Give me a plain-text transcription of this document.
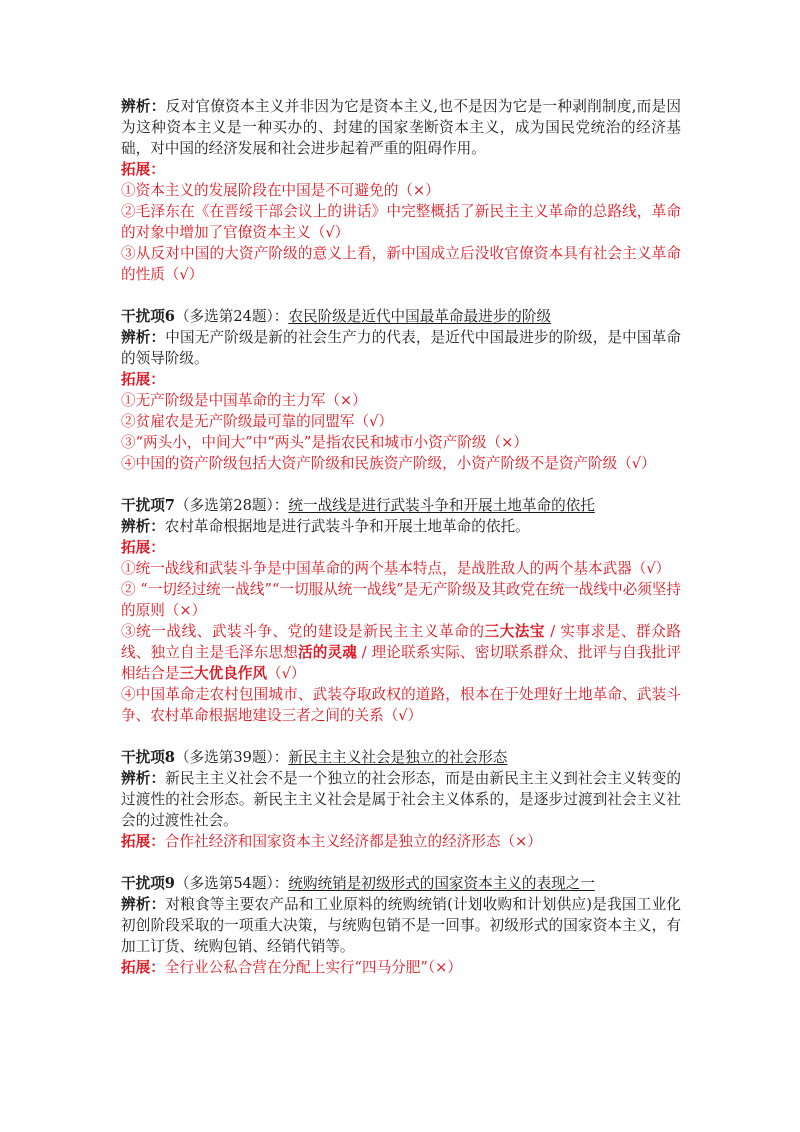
辨析：反对官僚资本主义并非因为它是资本主义,也不是因为它是一种剥削制度,而是因为这种资本主义是一种买办的、封建的国家垄断资本主义，成为国民党统治的经济基础，对中国的经济发展和社会进步起着严重的阻碍作用。

拓展：

①资本主义的发展阶段在中国是不可避免的（×）

②毛泽东在《在晋绥干部会议上的讲话》中完整概括了新民主主义革命的总路线，革命的对象中增加了官僚资本主义（√）

③从反对中国的大资产阶级的意义上看，新中国成立后没收官僚资本具有社会主义革命的性质（√）

干扰项6（多选第24题）：农民阶级是近代中国最革命最进步的阶级

辨析：中国无产阶级是新的社会生产力的代表，是近代中国最进步的阶级，是中国革命的领导阶级。

拓展：

①无产阶级是中国革命的主力军（×）

②贫雇农是无产阶级最可靠的同盟军（√）

③“两头小，中间大”中“两头”是指农民和城市小资产阶级（×）

④中国的资产阶级包括大资产阶级和民族资产阶级，小资产阶级不是资产阶级（√）

干扰项7（多选第28题）：统一战线是进行武装斗争和开展土地革命的依托

辨析：农村革命根据地是进行武装斗争和开展土地革命的依托。

拓展：

①统一战线和武装斗争是中国革命的两个基本特点，是战胜敌人的两个基本武器（√）

② “一切经过统一战线”“一切服从统一战线”是无产阶级及其政党在统一战线中必须坚持的原则（×）

③统一战线、武装斗争、党的建设是新民主主义革命的三大法宝 / 实事求是、群众路线、独立自主是毛泽东思想活的灵魂 / 理论联系实际、密切联系群众、批评与自我批评相结合是三大优良作风（√）

④中国革命走农村包围城市、武装夺取政权的道路，根本在于处理好土地革命、武装斗争、农村革命根据地建设三者之间的关系（√）

干扰项8（多选第39题）：新民主主义社会是独立的社会形态

辨析：新民主主义社会不是一个独立的社会形态，而是由新民主主义到社会主义转变的过渡性的社会形态。新民主主义社会是属于社会主义体系的，是逐步过渡到社会主义社会的过渡性社会。

拓展：合作社经济和国家资本主义经济都是独立的经济形态（×）

干扰项9（多选第54题）：统购统销是初级形式的国家资本主义的表现之一

辨析：对粮食等主要农产品和工业原料的统购统销(计划收购和计划供应)是我国工业化初创阶段采取的一项重大决策，与统购包销不是一回事。初级形式的国家资本主义，有加工订货、统购包销、经销代销等。

拓展：全行业公私合营在分配上实行“四马分肥”（×）
